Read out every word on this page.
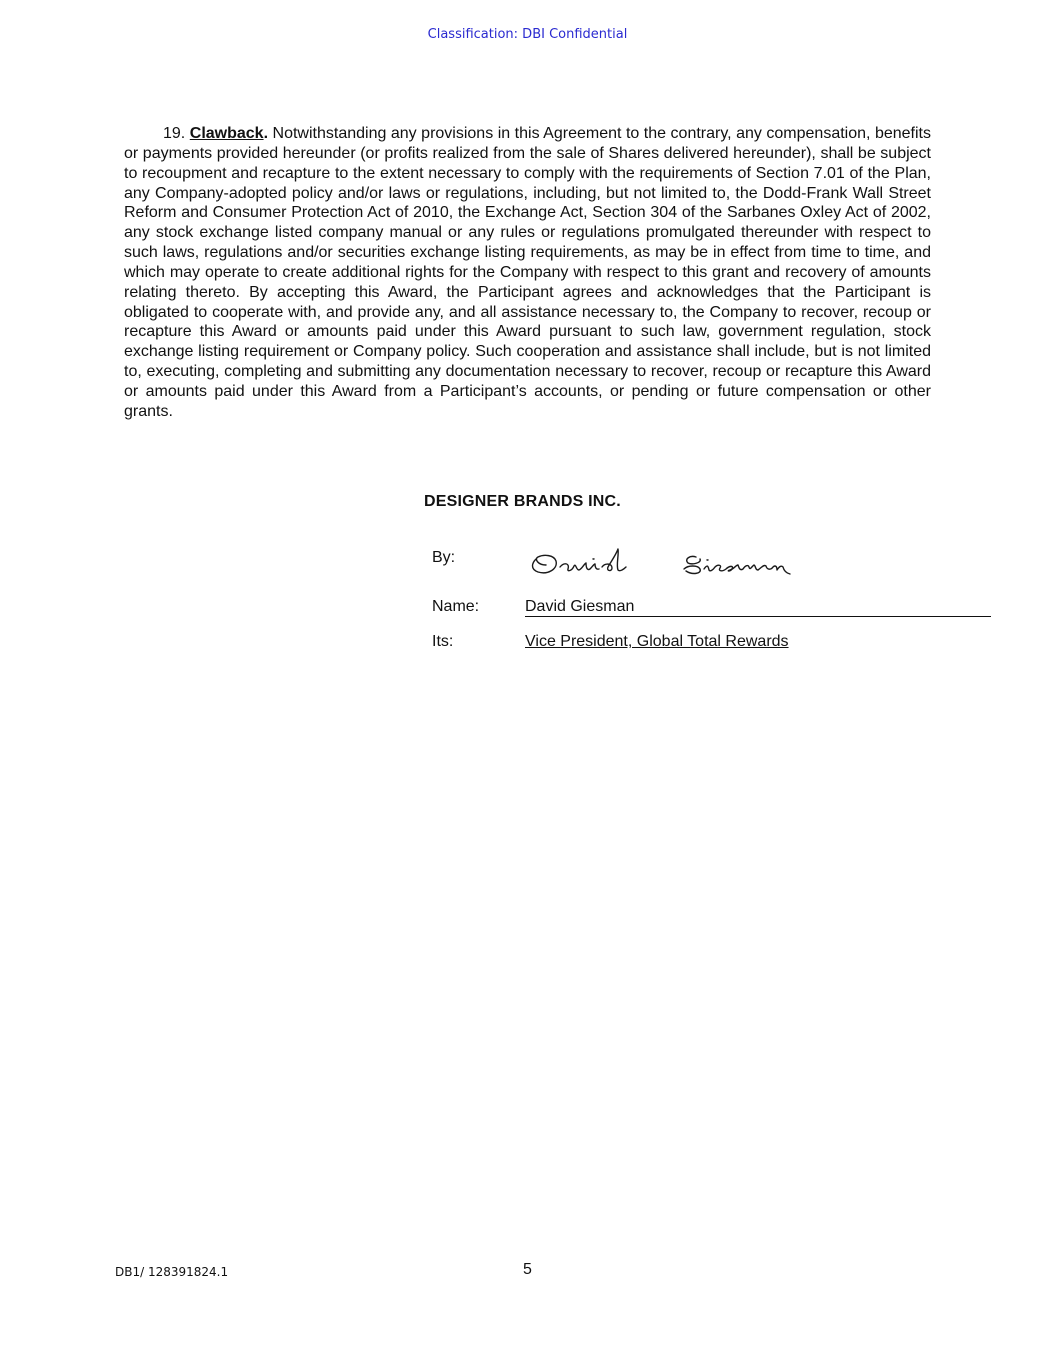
Classification: DBI Confidential

19. Clawback. Notwithstanding any provisions in this Agreement to the contrary, any compensation, benefits or payments provided hereunder (or profits realized from the sale of Shares delivered hereunder), shall be subject to recoupment and recapture to the extent necessary to comply with the requirements of Section 7.01 of the Plan, any Company-adopted policy and/or laws or regulations, including, but not limited to, the Dodd-Frank Wall Street Reform and Consumer Protection Act of 2010, the Exchange Act, Section 304 of the Sarbanes Oxley Act of 2002, any stock exchange listed company manual or any rules or regulations promulgated thereunder with respect to such laws, regulations and/or securities exchange listing requirements, as may be in effect from time to time, and which may operate to create additional rights for the Company with respect to this grant and recovery of amounts relating thereto. By accepting this Award, the Participant agrees and acknowledges that the Participant is obligated to cooperate with, and provide any, and all assistance necessary to, the Company to recover, recoup or recapture this Award or amounts paid under this Award pursuant to such law, government regulation, stock exchange listing requirement or Company policy. Such cooperation and assistance shall include, but is not limited to, executing, completing and submitting any documentation necessary to recover, recoup or recapture this Award or amounts paid under this Award from a Participant’s accounts, or pending or future compensation or other grants.

DESIGNER BRANDS INC.
By:
Name:	David Giesman
Its:	Vice President, Global Total Rewards
DB1/ 128391824.1	5
